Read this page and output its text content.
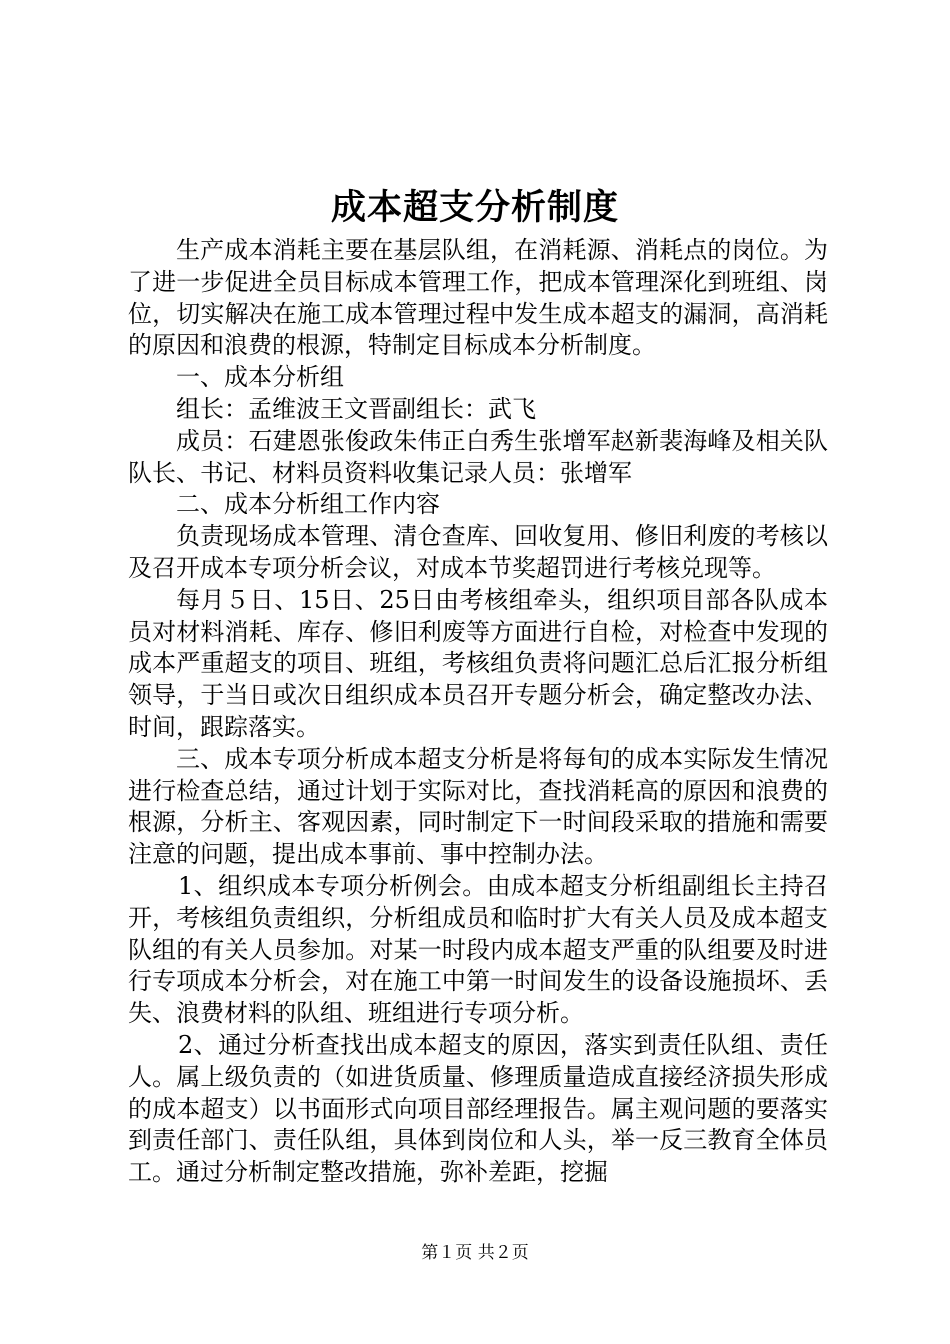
成本超支分析制度

生产成本消耗主要在基层队组，在消耗源、消耗点的岗位。为了进一步促进全员目标成本管理工作，把成本管理深化到班组、岗位，切实解决在施工成本管理过程中发生成本超支的漏洞，高消耗的原因和浪费的根源，特制定目标成本分析制度。

一、成本分析组

组长：孟维波王文晋副组长：武飞

成员：石建恩张俊政朱伟正白秀生张增军赵新裴海峰及相关队队长、书记、材料员资料收集记录人员：张增军

二、成本分析组工作内容

负责现场成本管理、清仓查库、回收复用、修旧利废的考核以及召开成本专项分析会议，对成本节奖超罚进行考核兑现等。

每月５日、15日、25日由考核组牵头，组织项目部各队成本员对材料消耗、库存、修旧利废等方面进行自检，对检查中发现的成本严重超支的项目、班组，考核组负责将问题汇总后汇报分析组领导，于当日或次日组织成本员召开专题分析会，确定整改办法、时间，跟踪落实。

三、成本专项分析成本超支分析是将每旬的成本实际发生情况进行检查总结，通过计划于实际对比，查找消耗高的原因和浪费的根源，分析主、客观因素，同时制定下一时间段采取的措施和需要注意的问题，提出成本事前、事中控制办法。

1、组织成本专项分析例会。由成本超支分析组副组长主持召开，考核组负责组织，分析组成员和临时扩大有关人员及成本超支队组的有关人员参加。对某一时段内成本超支严重的队组要及时进行专项成本分析会，对在施工中第一时间发生的设备设施损坏、丢失、浪费材料的队组、班组进行专项分析。

2、通过分析查找出成本超支的原因，落实到责任队组、责任人。属上级负责的（如进货质量、修理质量造成直接经济损失形成的成本超支）以书面形式向项目部经理报告。属主观问题的要落实到责任部门、责任队组，具体到岗位和人头，举一反三教育全体员工。通过分析制定整改措施，弥补差距，挖掘

第１页 共２页
